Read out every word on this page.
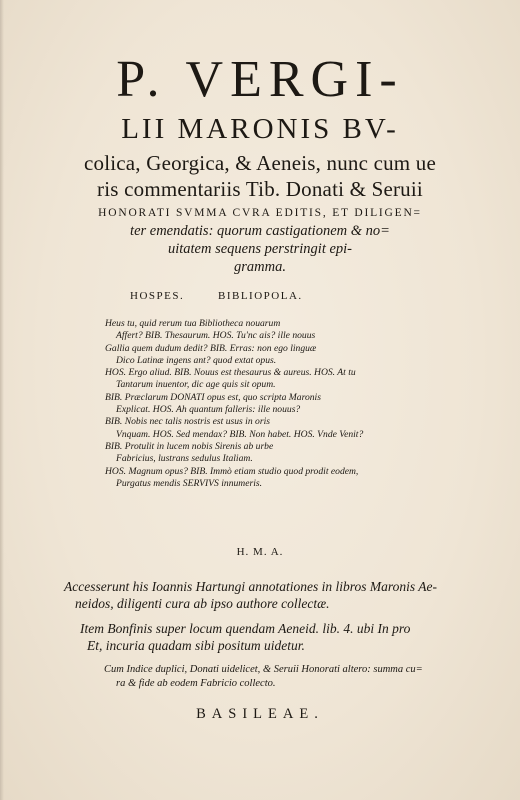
P. VERGI-
LII MARONIS BV-
colica, Georgica, & Aeneis, nunc cum ue
ris commentariis Tib. Donati & Seruii
HONORATI SVMMA CVRA EDITIS, ET DILIGEN=
ter emendatis: quorum castigationem & no=
uitatem sequens perstringit epi-
gramma.
HOSPES.	BIBLIOPOLA.
Heus tu, quid rerum tua Bibliotheca nouarum
Affert? BIB. Thesaurum. HOS. Tu'nc ais? ille nouus
Gallia quem dudum dedit? BIB. Erras: non ego linguæ
Dico Latinæ ingens ant? quod extat opus.
HOS. Ergo aliud. BIB. Nouus est thesaurus & aureus. HOS. At tu
Tantarum inuentor, dic age quis sit opum.
BIB. Præclarum DONATI opus est, quo scripta Maronis
Explicat. HOS. Ah quantum falleris: ille nouus?
BIB. Nobis nec talis nostris est usus in oris
Vnquam. HOS. Sed mendax? BIB. Non habet. HOS. Vnde Venit?
BIB. Protulit in lucem nobis Sirenis ab urbe
Fabricius, lustrans sedulus Italiam.
HOS. Magnum opus? BIB. Immò etiam studio quod prodit eodem,
Purgatus mendis SERVIVS innumeris.
H. M. A.
Accesserunt his Ioannis Hartungi annotationes in libros Maronis Ae-
neidos, diligenti cura ab ipso authore collectæ.
Item Bonfinis super locum quendam Aeneid. lib. 4. ubi In pro
Et, incuria quadam sibi positum uidetur.
Cum Indice duplici, Donati uidelicet, & Seruii Honorati altero: summa cu=
ra & fide ab eodem Fabricio collecto.
BASILEAE.
